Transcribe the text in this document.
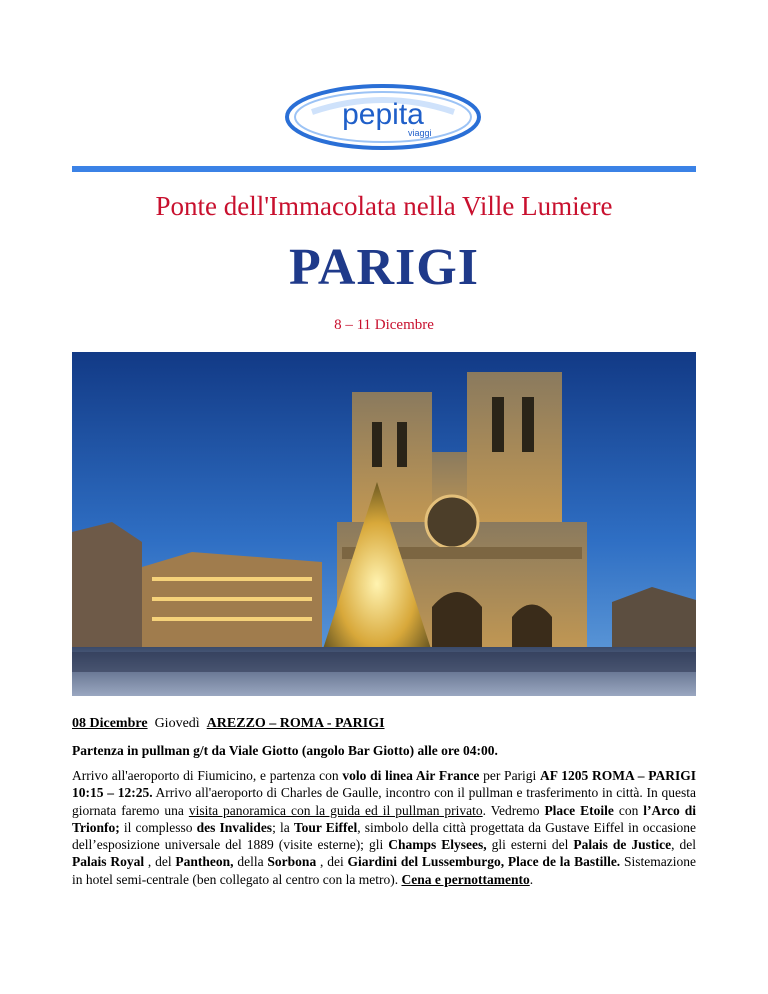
pepita
viaggi
Ponte dell'Immacolata nella Ville Lumiere
PARIGI
8 – 11 Dicembre
08 Dicembre Giovedì AREZZO – ROMA - PARIGI
Partenza in pullman g/t da Viale Giotto (angolo Bar Giotto) alle ore 04:00.
Arrivo all'aeroporto di Fiumicino, e partenza con volo di linea Air France per Parigi AF 1205 ROMA – PARIGI 10:15 – 12:25. Arrivo all'aeroporto di Charles de Gaulle, incontro con il pullman e trasferimento in città. In questa giornata faremo una visita panoramica con la guida ed il pullman privato. Vedremo Place Etoile con l’Arco di Trionfo; il complesso des Invalides; la Tour Eiffel, simbolo della città progettata da Gustave Eiffel in occasione dell’esposizione universale del 1889 (visite esterne); gli Champs Elysees, gli esterni del Palais de Justice, del Palais Royal , del Pantheon, della Sorbona , dei Giardini del Lussemburgo, Place de la Bastille. Sistemazione in hotel semi-centrale (ben collegato al centro con la metro). Cena e pernottamento.
